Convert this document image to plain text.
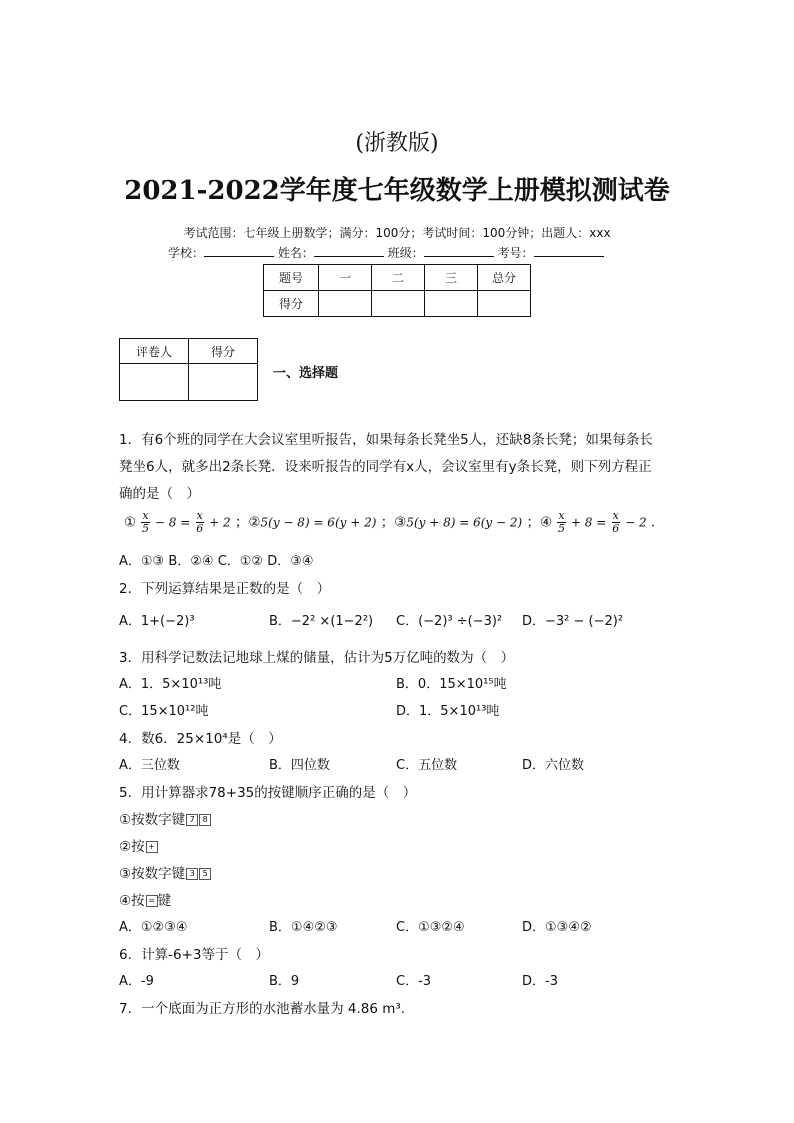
(浙教版)
2021-2022学年度七年级数学上册模拟测试卷
考试范围：七年级上册数学；满分：100分；考试时间：100分钟；出题人：xxx
学校：	姓名：	班级：	考号：
题号	一	二	三	总分
得分				
评卷人	得分

一、选择题
1．有6个班的同学在大会议室里听报告，如果每条长凳坐5人，还缺8条长凳；如果每条长
凳坐6人，就多出2条长凳．设来听报告的同学有x人，会议室里有y条长凳，则下列方程正
确的是（　）
① $\frac{x}{5} - 8 = \frac{x}{6} + 2$ ；②5(y − 8) = 6(y + 2) ；③5(y + 8) = 6(y − 2) ；④ $\frac{x}{5} + 8 = \frac{x}{6} - 2$ ．
A．①③ B．②④ C．①② D．③④
2．下列运算结果是正数的是（　）
A．1+(−2)³	B．−2² ×(1−2²) C．(−2)³ ÷(−3)² D．−3² − (−2)²
3．用科学记数法记地球上煤的储量，估计为5万亿吨的数为（　）
A．1．5×10¹³吨	B．0．15×10¹⁵吨
C．15×10¹²吨	D．1．5×10¹³吨
4．数6．25×10⁴是（　）
A．三位数	B．四位数	C．五位数	D．六位数
5．用计算器求78+35的按键顺序正确的是（　）
①按数字键 7 8
②按 +
③按数字键 3 5
④按 = 键
A．①②③④	B．①④②③	C．①③②④	D．①③④②
6．计算-6+3等于（　）
A．-9	B．9	C．-3	D．-3
7．一个底面为正方形的水池蓄水量为 4.86 m³.
